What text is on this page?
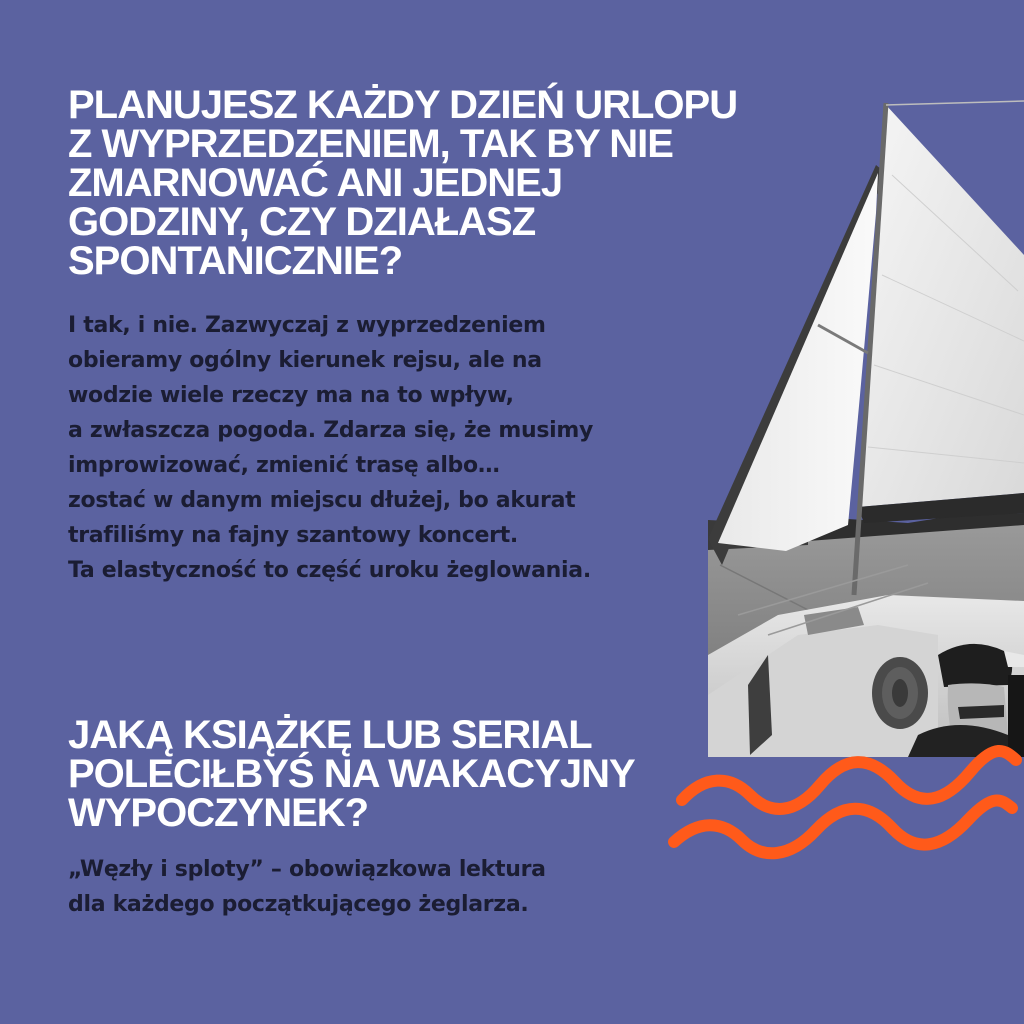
PLANUJESZ KAŻDY DZIEŃ URLOPU
Z WYPRZEDZENIEM, TAK BY NIE
ZMARNOWAĆ ANI JEDNEJ
GODZINY, CZY DZIAŁASZ
SPONTANICZNIE?

I tak, i nie. Zazwyczaj z wyprzedzeniem
obieramy ogólny kierunek rejsu, ale na
wodzie wiele rzeczy ma na to wpływ,
a zwłaszcza pogoda. Zdarza się, że musimy
improwizować, zmienić trasę albo…
zostać w danym miejscu dłużej, bo akurat
trafiliśmy na fajny szantowy koncert.
Ta elastyczność to część uroku żeglowania.

JAKĄ KSIĄŻKĘ LUB SERIAL
POLECIŁBYŚ NA WAKACYJNY
WYPOCZYNEK?

„Węzły i sploty” – obowiązkowa lektura
dla każdego początkującego żeglarza.
